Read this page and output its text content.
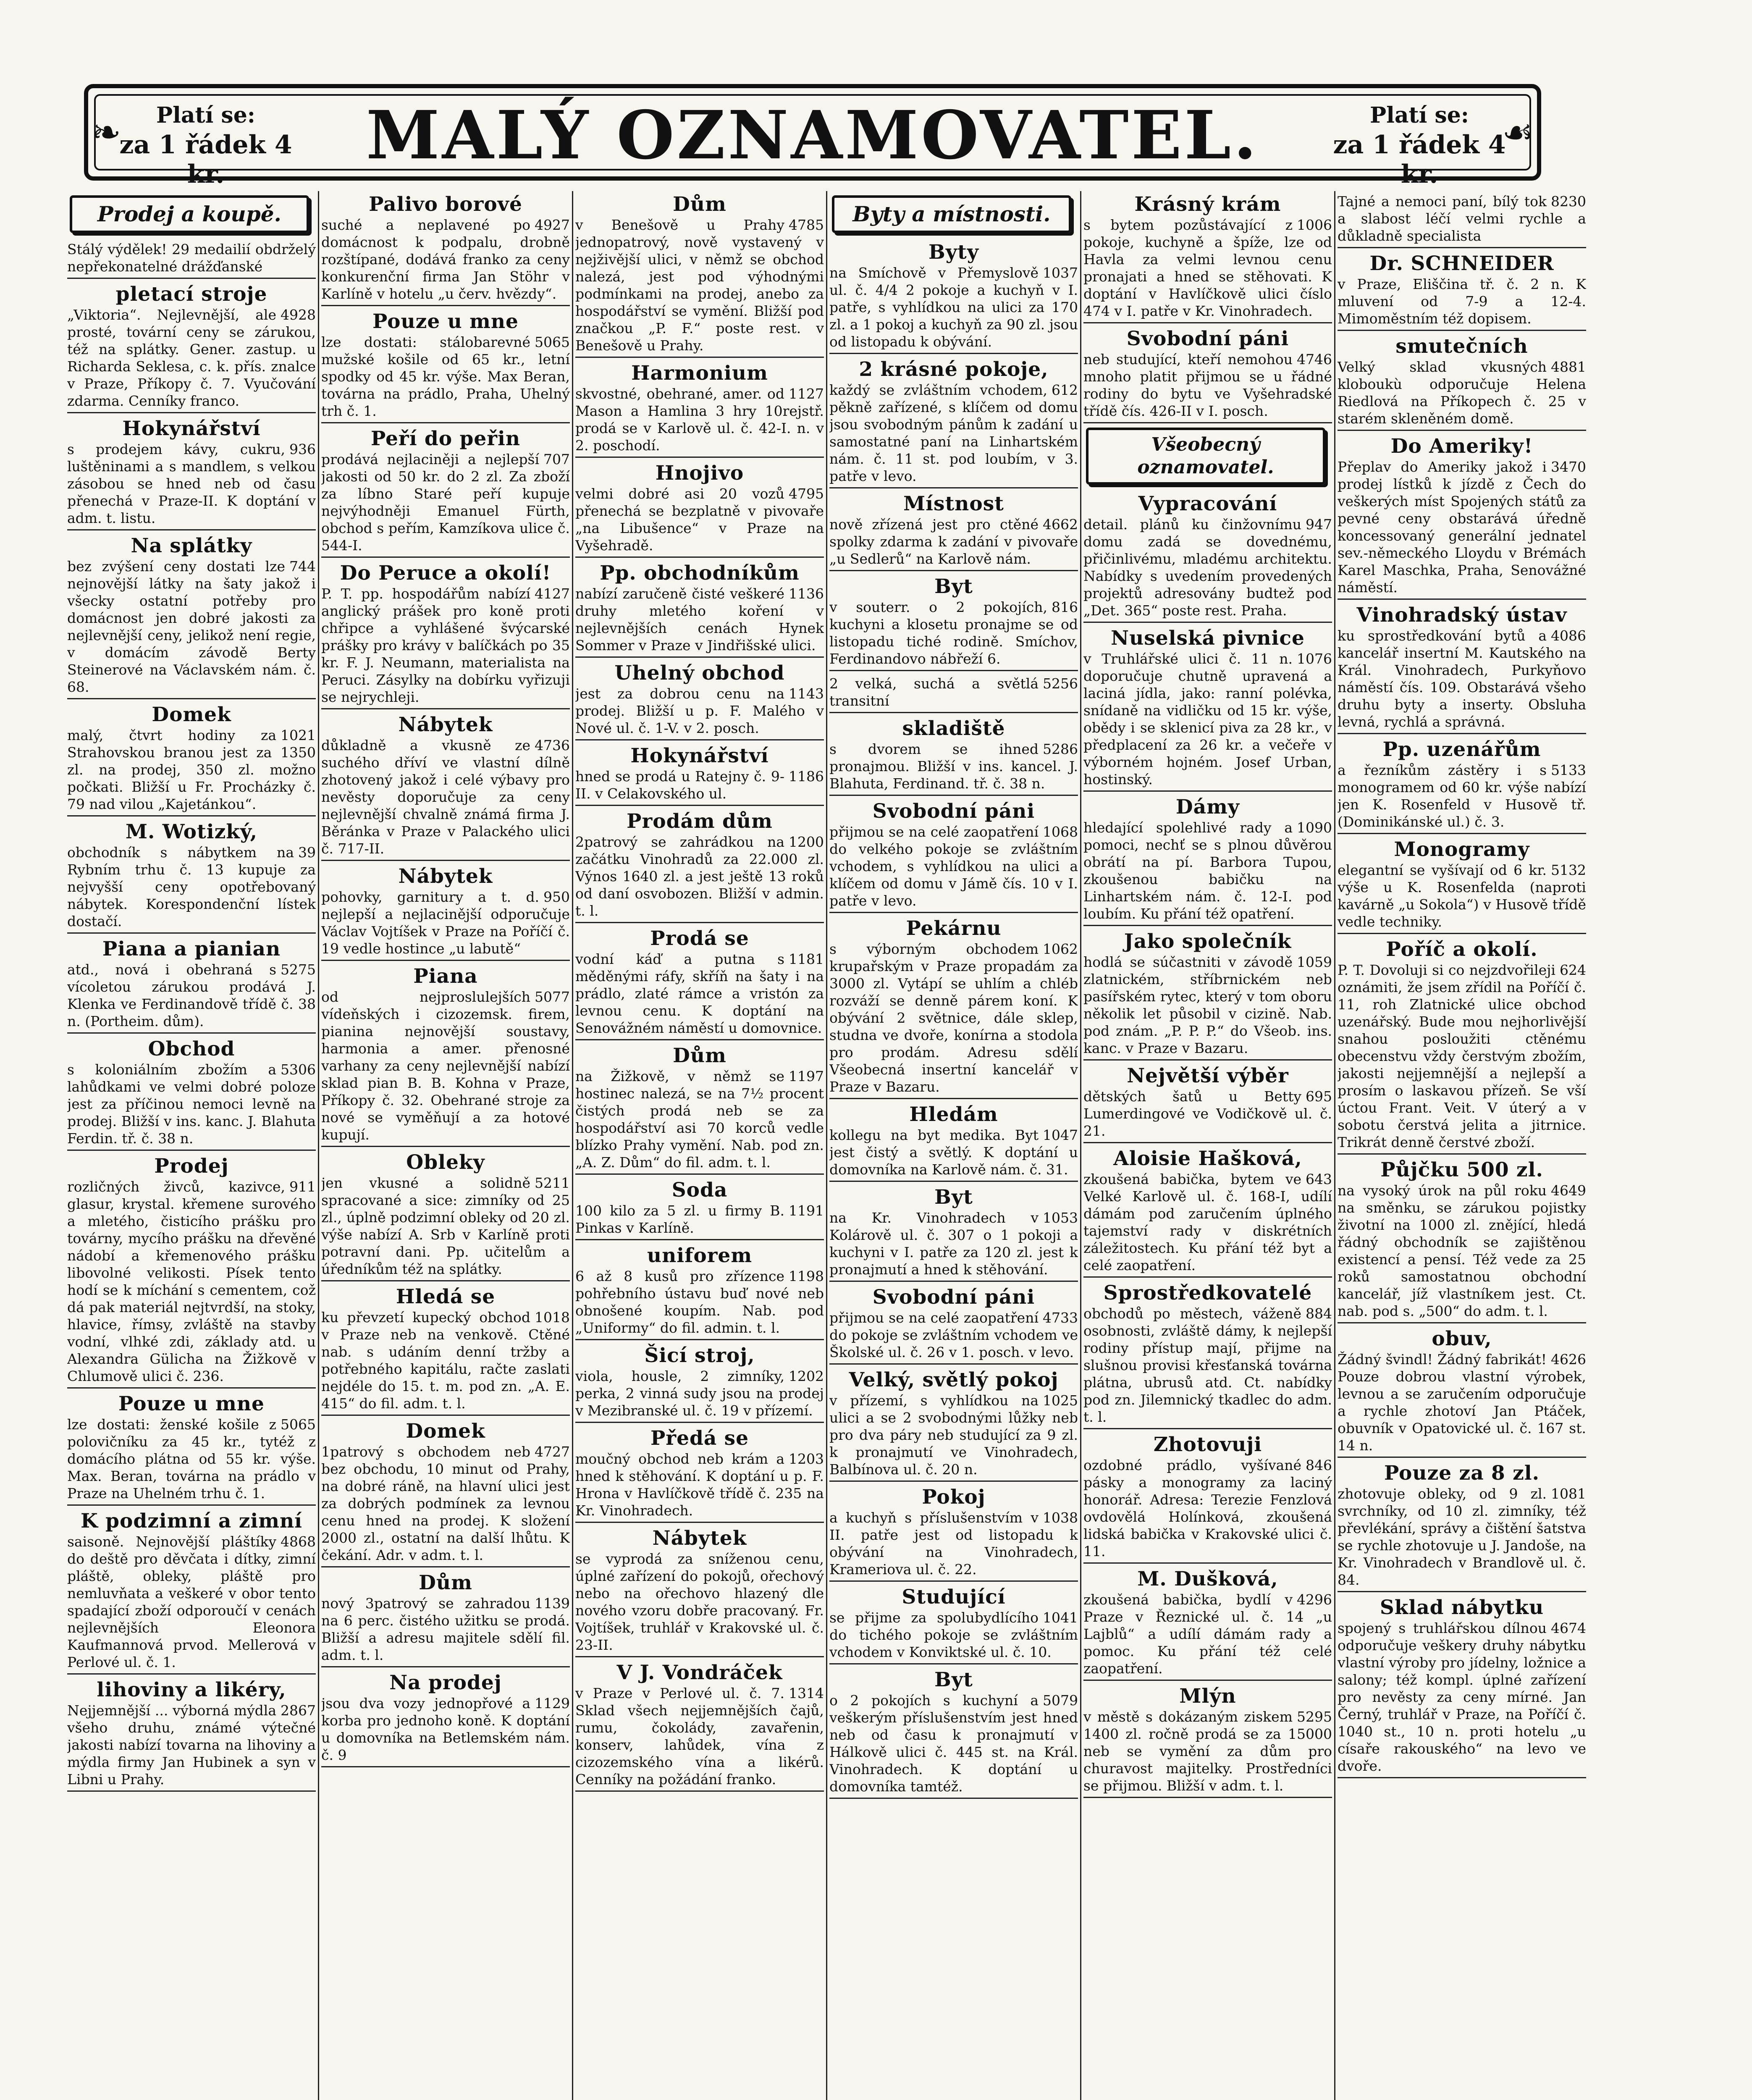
❧	Platí se:
za 1 řádek 4 kr.	MALÝ OZNAMOVATEL.	Platí se:
za 1 řádek 4 kr.
☙
Prodej a koupě.

Stálý výdělek! 29 medailií obdrželý nepřekonatelné drážďanské

pletací stroje

4928
„Viktoria“. Nejlevnější, ale prosté, tovární ceny se zárukou, též na splátky. Gener. zastup. u Richarda Seklesa, c. k. přís. znalce v Praze, Příkopy č. 7. Vyučování zdarma. Cenníky franco.

Hokynářství

936
s prodejem kávy, cukru, luštěninami a s mandlem, s velkou zásobou se hned neb od času přenechá v Praze-II. K doptání v adm. t. listu.

Na splátky

744
bez zvýšení ceny dostati lze nejnovější látky na šaty jakož i všecky ostatní potřeby pro domácnost jen dobré jakosti za nejlevnější ceny, jelikož není regie, v domácím závodě Berty Steinerové na Václavském nám. č. 68.

Domek

1021
malý, čtvrt hodiny za Strahovskou branou jest za 1350 zl. na prodej, 350 zl. možno počkati. Bližší u Fr. Procházky č. 79 nad vilou „Kajetánkou“.

M. Wotizký,

39
obchodník s nábytkem na Rybním trhu č. 13 kupuje za nejvyšší ceny opotřebovaný nábytek. Korespondenční lístek dostačí.

Piana a pianian

5275
atd., nová i obehraná s vícoletou zárukou prodává J. Klenka ve Ferdinandově třídě č. 38 n. (Portheim. dům).

Obchod

5306
s koloniálním zbožím a lahůdkami ve velmi dobré poloze jest za příčinou nemoci levně na prodej. Bližší v ins. kanc. J. Blahuta Ferdin. tř. č. 38 n.

Prodej

911
rozličných živců, kazivce, glasur, krystal. křemene surového a mletého, čisticího prášku pro továrny, mycího prášku na dřevěné nádobí a křemenového prášku libovolné velikosti. Písek tento hodí se k míchání s cementem, což dá pak materiál nejtvrdší, na stoky, hlavice, římsy, zvláště na stavby vodní, vlhké zdi, základy atd. u Alexandra Gülicha na Žižkově v Chlumově ulici č. 236.

Pouze u mne

5065
lze dostati: ženské košile z polovičníku za 45 kr., tytéž z domácího plátna od 55 kr. výše. Max. Beran, továrna na prádlo v Praze na Uhelném trhu č. 1.

K podzimní a zimní

4868
saisoně. Nejnovější pláštíky do deště pro děvčata i dítky, zimní pláště, obleky, pláště pro nemluvňata a veškeré v obor tento spadající zboží odporoučí v cenách nejlevnějších Eleonora Kaufmannová prvod. Mellerová v Perlové ul. č. 1.

lihoviny a likéry,

2867
Nejjemnější ... výborná mýdla všeho druhu, známé výtečné jakosti nabízí tovarna na lihoviny a mýdla firmy Jan Hubinek a syn v Libni u Prahy.

Palivo borové

4927
suché a neplavené po domácnost k podpalu, drobně rozštípané, dodává franko za ceny konkurenční firma Jan Stöhr v Karlíně v hotelu „u červ. hvězdy“.

Pouze u mne

5065
lze dostati: stálobarevné mužské košile od 65 kr., letní spodky od 45 kr. výše. Max Beran, továrna na prádlo, Praha, Uhelný trh č. 1.

Peří do peřin

707
prodává nejlaciněji a nejlepší jakosti od 50 kr. do 2 zl. Za zboží za líbno Staré peří kupuje nejvýhodněji Emanuel Fürth, obchod s peřím, Kamzíkova ulice č. 544-I.

Do Peruce a okolí!

4127
P. T. pp. hospodářům nabízí anglický prášek pro koně proti chřipce a vyhlášené švýcarské prášky pro krávy v balíčkách po 35 kr. F. J. Neumann, materialista na Peruci. Zásylky na dobírku vyřizuji se nejrychleji.

Nábytek

4736
důkladně a vkusně ze suchého dříví ve vlastní dílně zhotovený jakož i celé výbavy pro nevěsty doporučuje za ceny nejlevnější chvalně známá firma J. Běránka v Praze v Palackého ulici č. 717-II.

Nábytek

950
pohovky, garnitury a t. d. nejlepší a nejlacinější odporučuje Václav Vojtíšek v Praze na Poříčí č. 19 vedle hostince „u labutě“

Piana

5077
od nejproslulejších vídeňských i cizozemsk. firem, pianina nejnovější soustavy, harmonia a amer. přenosné varhany za ceny nejlevnější nabízí sklad pian B. B. Kohna v Praze, Příkopy č. 32. Obehrané stroje za nové se vyměňují a za hotové kupují.

Obleky

5211
jen vkusné a solidně spracované a sice: zimníky od 25 zl., úplně podzimní obleky od 20 zl. výše nabízí A. Srb v Karlíně proti potravní dani. Pp. učitelům a úředníkům též na splátky.

Hledá se

1018
ku převzetí kupecký obchod v Praze neb na venkově. Ctěné nab. s udáním denní tržby a potřebného kapitálu, račte zaslati nejdéle do 15. t. m. pod zn. „A. E. 415“ do fil. adm. t. l.

Domek

4727
1patrový s obchodem neb bez obchodu, 10 minut od Prahy, na dobré ráně, na hlavní ulici jest za dobrých podmínek za levnou cenu hned na prodej. K složení 2000 zl., ostatní na další lhůtu. K čekání. Adr. v adm. t. l.

Dům

1139
nový 3patrový se zahradou na 6 perc. čistého užitku se prodá. Bližší a adresu majitele sdělí fil. adm. t. l.

Na prodej

1129
jsou dva vozy jednopřové a korba pro jednoho koně. K doptání u domovníka na Betlemském nám. č. 9

Dům

4785
v Benešově u Prahy jednopatrový, nově vystavený v nejživější ulici, v němž se obchod nalezá, jest pod výhodnými podmínkami na prodej, anebo za hospodářství se vymění. Bližší pod značkou „P. F.“ poste rest. v Benešově u Prahy.

Harmonium

1127
skvostné, obehrané, amer. od Mason a Hamlina 3 hry 10rejstř. prodá se v Karlově ul. č. 42-I. n. v 2. poschodí.

Hnojivo

4795
velmi dobré asi 20 vozů přenechá se bezplatně v pivovaře „na Libušence“ v Praze na Vyšehradě.

Pp. obchodníkům

1136
nabízí zaručeně čisté veškeré druhy mletého koření v nejlevnějších cenách Hynek Sommer v Praze v Jindřišské ulici.

Uhelný obchod

1143
jest za dobrou cenu na prodej. Bližší u p. F. Malého v Nové ul. č. 1-V. v 2. posch.

Hokynářství

1186
hned se prodá u Ratejny č. 9-II. v Celakovského ul.

Prodám dům

1200
2patrový se zahrádkou na začátku Vinohradů za 22.000 zl. Výnos 1640 zl. a jest ještě 13 roků od daní osvobozen. Bližší v admin. t. l.

Prodá se

1181
vodní káď a putna s měděnými ráfy, skříň na šaty i na prádlo, zlaté rámce a vristón za levnou cenu. K doptání na Senovážném náměstí u domovnice.

Dům

1197
na Žižkově, v němž se hostinec nalezá, se na 7½ procent čistých prodá neb se za hospodářství asi 70 korců vedle blízko Prahy vymění. Nab. pod zn. „A. Z. Dům“ do fil. adm. t. l.

Soda

1191
100 kilo za 5 zl. u firmy B. Pinkas v Karlíně.

uniforem

1198
6 až 8 kusů pro zřízence pohřebního ústavu buď nové neb obnošené koupím. Nab. pod „Uniformy“ do fil. admin. t. l.

Šicí stroj,

1202
viola, housle, 2 zimníky, perka, 2 vinná sudy jsou na prodej v Mezibranské ul. č. 19 v přízemí.

Předá se

1203
moučný obchod neb krám a hned k stěhování. K doptání u p. F. Hrona v Havlíčkově třídě č. 235 na Kr. Vinohradech.

Nábytek

se vyprodá za sníženou cenu, úplné zařízení do pokojů, ořechový nebo na ořechovo hlazený dle nového vzoru dobře pracovaný. Fr. Vojtíšek, truhlář v Krakovské ul. č. 23-II.

V J. Vondráček

1314
v Praze v Perlové ul. č. 7. Sklad všech nejjemnějších čajů, rumu, čokolády, zavařenin, konserv, lahůdek, vína z cizozemského vína a likérů. Cenníky na požádání franko.

Byty a místnosti.
Byty

1037
na Smíchově v Přemyslově ul. č. 4/4 2 pokoje a kuchyň v I. patře, s vyhlídkou na ulici za 170 zl. a 1 pokoj a kuchyň za 90 zl. jsou od listopadu k obývání.

2 krásné pokoje,

612
každý se zvláštním vchodem, pěkně zařízené, s klíčem od domu jsou svobodným pánům k zadání u samostatné paní na Linhartském nám. č. 11 st. pod loubím, v 3. patře v levo.

Místnost

4662
nově zřízená jest pro ctěné spolky zdarma k zadání v pivovaře „u Sedlerů“ na Karlově nám.

Byt

816
v souterr. o 2 pokojích, kuchyni a klosetu pronajme se od listopadu tiché rodině. Smíchov, Ferdinandovo nábřeží 6.

5256
2 velká, suchá a světlá transitní

skladiště

5286
s dvorem se ihned pronajmou. Bližší v ins. kancel. J. Blahuta, Ferdinand. tř. č. 38 n.

Svobodní páni

1068
přijmou se na celé zaopatření do velkého pokoje se zvláštním vchodem, s vyhlídkou na ulici a klíčem od domu v Jámě čís. 10 v I. patře v levo.

Pekárnu

1062
s výborným obchodem krupařským v Praze propadám za 3000 zl. Vytápí se uhlím a chléb rozváží se denně párem koní. K obývání 2 světnice, dále sklep, studna ve dvoře, konírna a stodola pro prodám. Adresu sdělí Všeobecná insertní kancelář v Praze v Bazaru.

Hledám

1047
kollegu na byt medika. Byt jest čistý a světlý. K doptání u domovníka na Karlově nám. č. 31.

Byt

1053
na Kr. Vinohradech v Kolárově ul. č. 307 o 1 pokoji a kuchyni v I. patře za 120 zl. jest k pronajmutí a hned k stěhování.

Svobodní páni

4733
přijmou se na celé zaopatření do pokoje se zvláštním vchodem ve Školské ul. č. 26 v 1. posch. v levo.

Velký, světlý pokoj

1025
v přízemí, s vyhlídkou na ulici a se 2 svobodnými lůžky neb pro dva páry neb studující za 9 zl. k pronajmutí ve Vinohradech, Balbínova ul. č. 20 n.

Pokoj

1038
a kuchyň s příslušenstvím v II. patře jest od listopadu k obývání na Vinohradech, Krameriova ul. č. 22.

Studující

1041
se přijme za spolubydlícího do tichého pokoje se zvláštním vchodem v Konviktské ul. č. 10.

Byt

5079
o 2 pokojích s kuchyní a veškerým příslušenstvím jest hned neb od času k pronajmutí v Hálkově ulici č. 445 st. na Král. Vinohradech. K doptání u domovníka tamtéž.

Krásný krám

1006
s bytem pozůstávající z pokoje, kuchyně a špíže, lze od Havla za velmi levnou cenu pronajati a hned se stěhovati. K doptání v Havlíčkově ulici číslo 474 v I. patře v Kr. Vinohradech.

Svobodní páni

4746
neb studující, kteří nemohou mnoho platit přijmou se u řádné rodiny do bytu ve Vyšehradské třídě čís. 426-II v I. posch.

Všeobecný oznamovatel.
Vypracování

947
detail. plánů ku činžovnímu domu zadá se dovednému, přičinlivému, mladému architektu. Nabídky s uvedením provedených projektů adresovány budtež pod „Det. 365“ poste rest. Praha.

Nuselská pivnice

1076
v Truhlářské ulici č. 11 n. doporučuje chutně upravená a laciná jídla, jako: ranní polévka, snídaně na vidličku od 15 kr. výše, obědy i se sklenicí piva za 28 kr., v předplacení za 26 kr. a večeře v výborném hojném. Josef Urban, hostinský.

Dámy

1090
hledající spolehlivé rady a pomoci, nechť se s plnou důvěrou obrátí na pí. Barbora Tupou, zkoušenou babičku na Linhartském nám. č. 12-I. pod loubím. Ku přání též opatření.

Jako společník

1059
hodlá se súčastniti v závodě zlatnickém, stříbrnickém neb pasířském rytec, který v tom oboru několik let působil v cizině. Nab. pod znám. „P. P. P.“ do Všeob. ins. kanc. v Praze v Bazaru.

Největší výběr

695
dětských šatů u Betty Lumerdingové ve Vodičkově ul. č. 21.

Aloisie Hašková,

643
zkoušená babička, bytem ve Velké Karlově ul. č. 168-I, udílí dámám pod zaručením úplného tajemství rady v diskrétních záležitostech. Ku přání též byt a celé zaopatření.

Sprostředkovatelé

884
obchodů po městech, váženě osobnosti, zvláště dámy, k nejlepší rodiny přístup mají, přijme na slušnou provisi křesťanská továrna plátna, ubrusů atd. Ct. nabídky pod zn. Jilemnický tkadlec do adm. t. l.

Zhotovuji

846
ozdobné prádlo, vyšívané pásky a monogramy za laciný honorář. Adresa: Terezie Fenzlová ovdovělá Holínková, zkoušená lidská babička v Krakovské ulici č. 11.

M. Dušková,

4296
zkoušená babička, bydlí v Praze v Řeznické ul. č. 14 „u Lajblů“ a udílí dámám rady a pomoc. Ku přání též celé zaopatření.

Mlýn

5295
v městě s dokázaným ziskem 1400 zl. ročně prodá se za 15000 neb se vymění za dům pro churavost majitelky. Prostředníci se přijmou. Bližší v adm. t. l.

8230
Tajné a nemoci paní, bílý tok a slabost léčí velmi rychle a důkladně specialista

Dr. SCHNEIDER

v Praze, Eliščina tř. č. 2 n. K mluvení od 7-9 a 12-4. Mimoměstním též dopisem.

smutečních

4881
Velký sklad vkusných kloboukù odporučuje Helena Riedlová na Příkopech č. 25 v starém skleněném domě.

Do Ameriky!

3470
Přeplav do Ameriky jakož i prodej lístků k jízdě z Čech do veškerých míst Spojených států za pevné ceny obstarává úředně koncessovaný generální jednatel sev.-německého Lloydu v Brémách Karel Maschka, Praha, Senovážné náměstí.

Vinohradský ústav

4086
ku sprostředkování bytů a kancelář insertní M. Kautského na Král. Vinohradech, Purkyňovo náměstí čís. 109. Obstarává všeho druhu byty a inserty. Obsluha levná, rychlá a správná.

Pp. uzenářům

5133
a řezníkům zástěry i s monogramem od 60 kr. výše nabízí jen K. Rosenfeld v Husově tř. (Dominikánské ul.) č. 3.

Monogramy

5132
elegantní se vyšívají od 6 kr. výše u K. Rosenfelda (naproti kavárně „u Sokola“) v Husově třídě vedle techniky.

Poříč a okolí.

624
P. T. Dovoluji si co nejzdvořileji oznámiti, že jsem zřídil na Poříčí č. 11, roh Zlatnické ulice obchod uzenářský. Bude mou nejhorlivější snahou posloužiti ctěnému obecenstvu vždy čerstvým zbožím, jakosti nejjemnější a nejlepší a prosím o laskavou přízeň. Se vší úctou Frant. Veit. V úterý a v sobotu čerstvá jelita a jitrnice. Trikrát denně čerstvé zboží.

Půjčku 500 zl.

4649
na vysoký úrok na půl roku na směnku, se zárukou pojistky životní na 1000 zl. znějící, hledá řádný obchodník se zajištěnou existencí a pensí. Též vede za 25 roků samostatnou obchodní kancelář, jíž vlastníkem jest. Ct. nab. pod s. „500“ do adm. t. l.

obuv,

4626
Žádný švindl! Žádný fabrikát! Pouze dobrou vlastní výrobek, levnou a se zaručením odporučuje a rychle zhotoví Jan Ptáček, obuvník v Opatovické ul. č. 167 st. 14 n.

Pouze za 8 zl.

1081
zhotovuje obleky, od 9 zl. svrchníky, od 10 zl. zimníky, též převlékání, správy a čištění šatstva se rychle zhotovuje u J. Jandoše, na Kr. Vinohradech v Brandlově ul. č. 84.

Sklad nábytku

4674
spojený s truhlářskou dílnou odporučuje veškery druhy nábytku vlastní výroby pro jídelny, ložnice a salony; též kompl. úplné zařízení pro nevěsty za ceny mírné. Jan Černý, truhlář v Praze, na Poříčí č. 1040 st., 10 n. proti hotelu „u císaře rakouského“ na levo ve dvoře.
